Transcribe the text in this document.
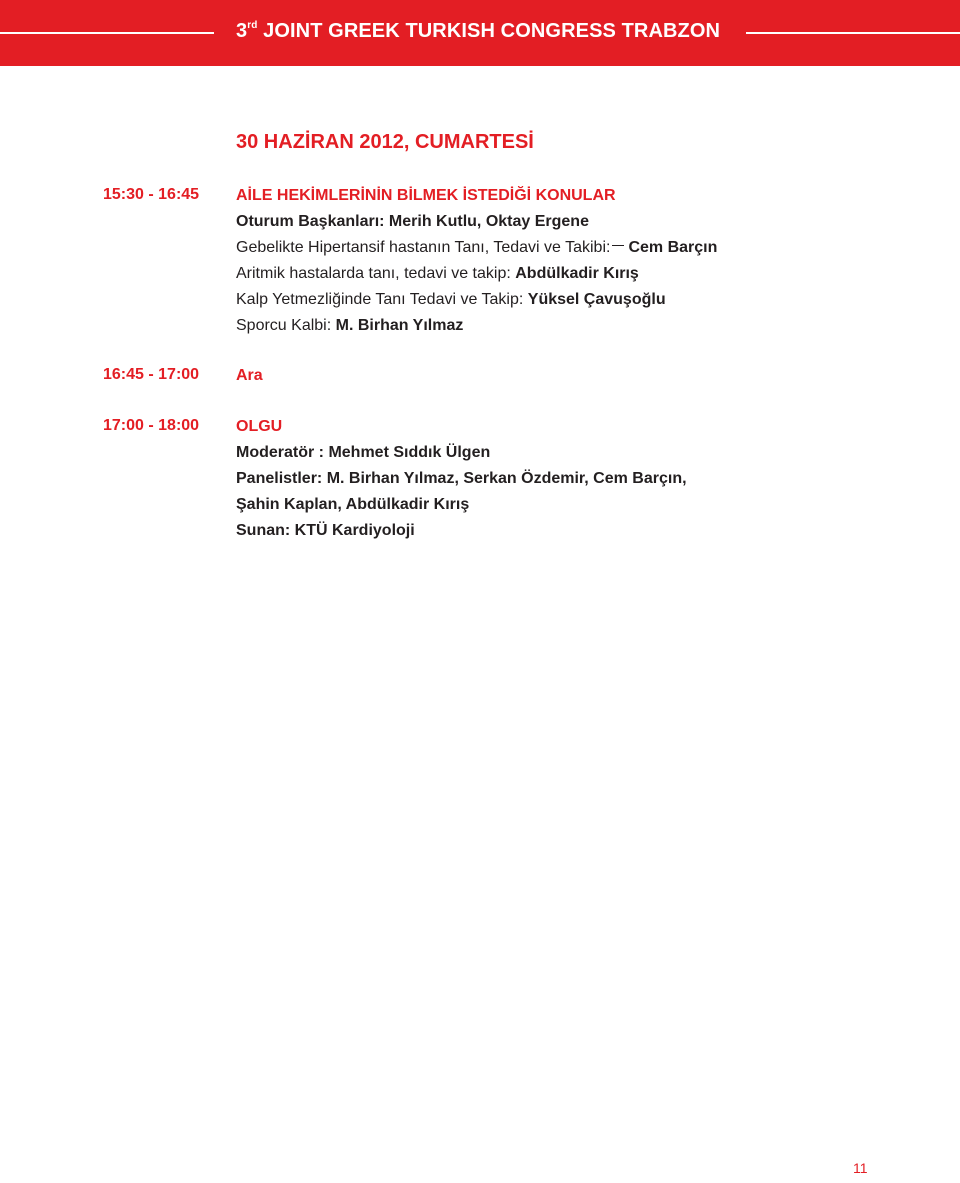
3rd JOINT GREEK TURKISH CONGRESS TRABZON
30 HAZİRAN 2012, CUMARTESİ
15:30 - 16:45 AİLE HEKİMLERİNİN BİLMEK İSTEDİĞİ KONULAR
Oturum Başkanları: Merih Kutlu, Oktay Ergene
Gebelikte Hipertansif hastanın Tanı, Tedavi ve Takibi: Cem Barçın
Aritmik hastalarda tanı, tedavi ve takip: Abdülkadir Kırış
Kalp Yetmezliğinde Tanı Tedavi ve Takip: Yüksel Çavuşoğlu
Sporcu Kalbi: M. Birhan Yılmaz
16:45 - 17:00 Ara
17:00 - 18:00 OLGU
Moderatör : Mehmet Sıddık Ülgen
Panelistler: M. Birhan Yılmaz, Serkan Özdemir, Cem Barçın,
Şahin Kaplan, Abdülkadir Kırış
Sunan: KTÜ Kardiyoloji
11
